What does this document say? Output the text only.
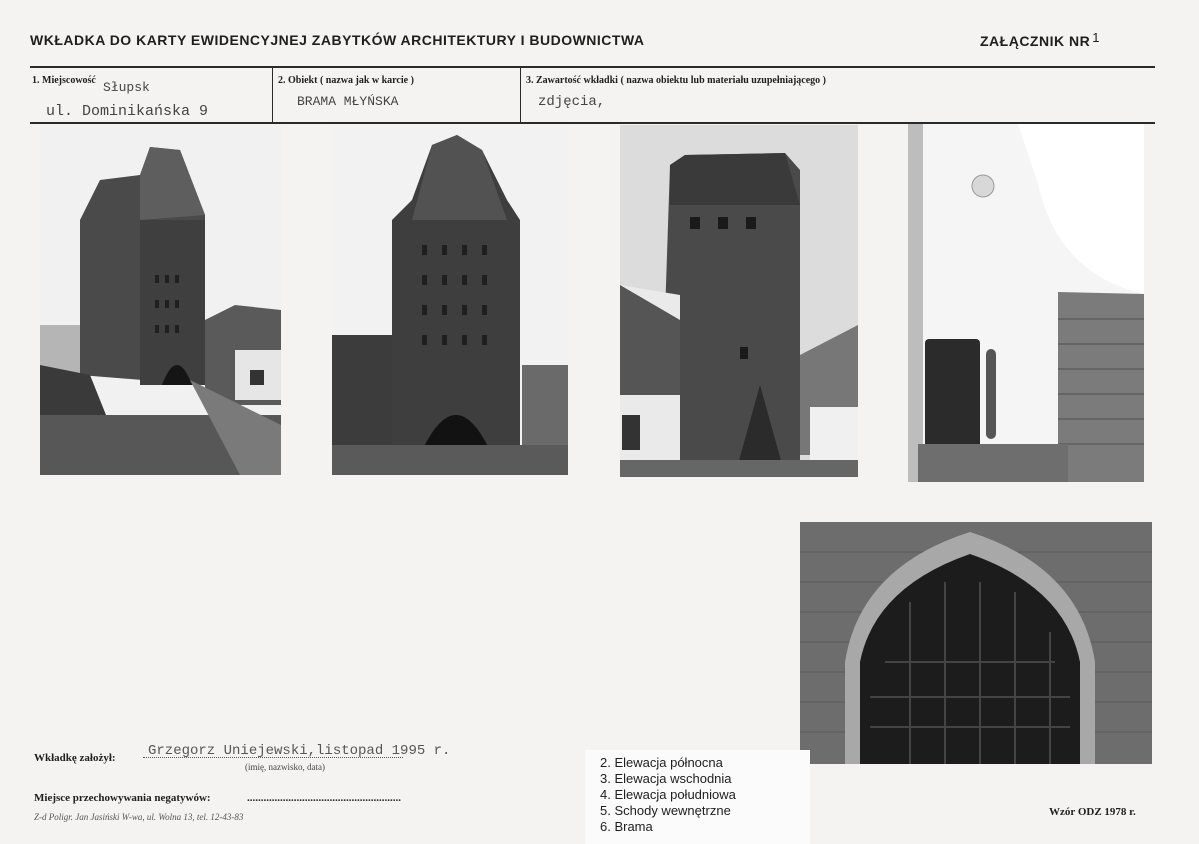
WKŁADKA DO KARTY EWIDENCYJNEJ ZABYTKÓW ARCHITEKTURY I BUDOWNICTWA	ZAŁĄCZNIK NR 1
1. Miejscowość Słupsk
ul. Dominikańska 9
2. Obiekt ( nazwa jak w karcie )
BRAMA MŁYŃSKA
3. Zawartość wkładki ( nazwa obiektu lub materiału uzupełniającego )
zdjęcia,
2. Elewacja północna
3. Elewacja wschodnia
4. Elewacja południowa
5. Schody wewnętrzne
6. Brama
Wkładkę założył: Grzegorz Uniejewski,listopad 1995 r.
(imię, nazwisko, data)
Miejsce przechowywania negatywów:	........................................................
Z-d Poligr. Jan Jasiński W-wa, ul. Wolna 13, tel. 12-43-83	Wzór ODZ 1978 r.
